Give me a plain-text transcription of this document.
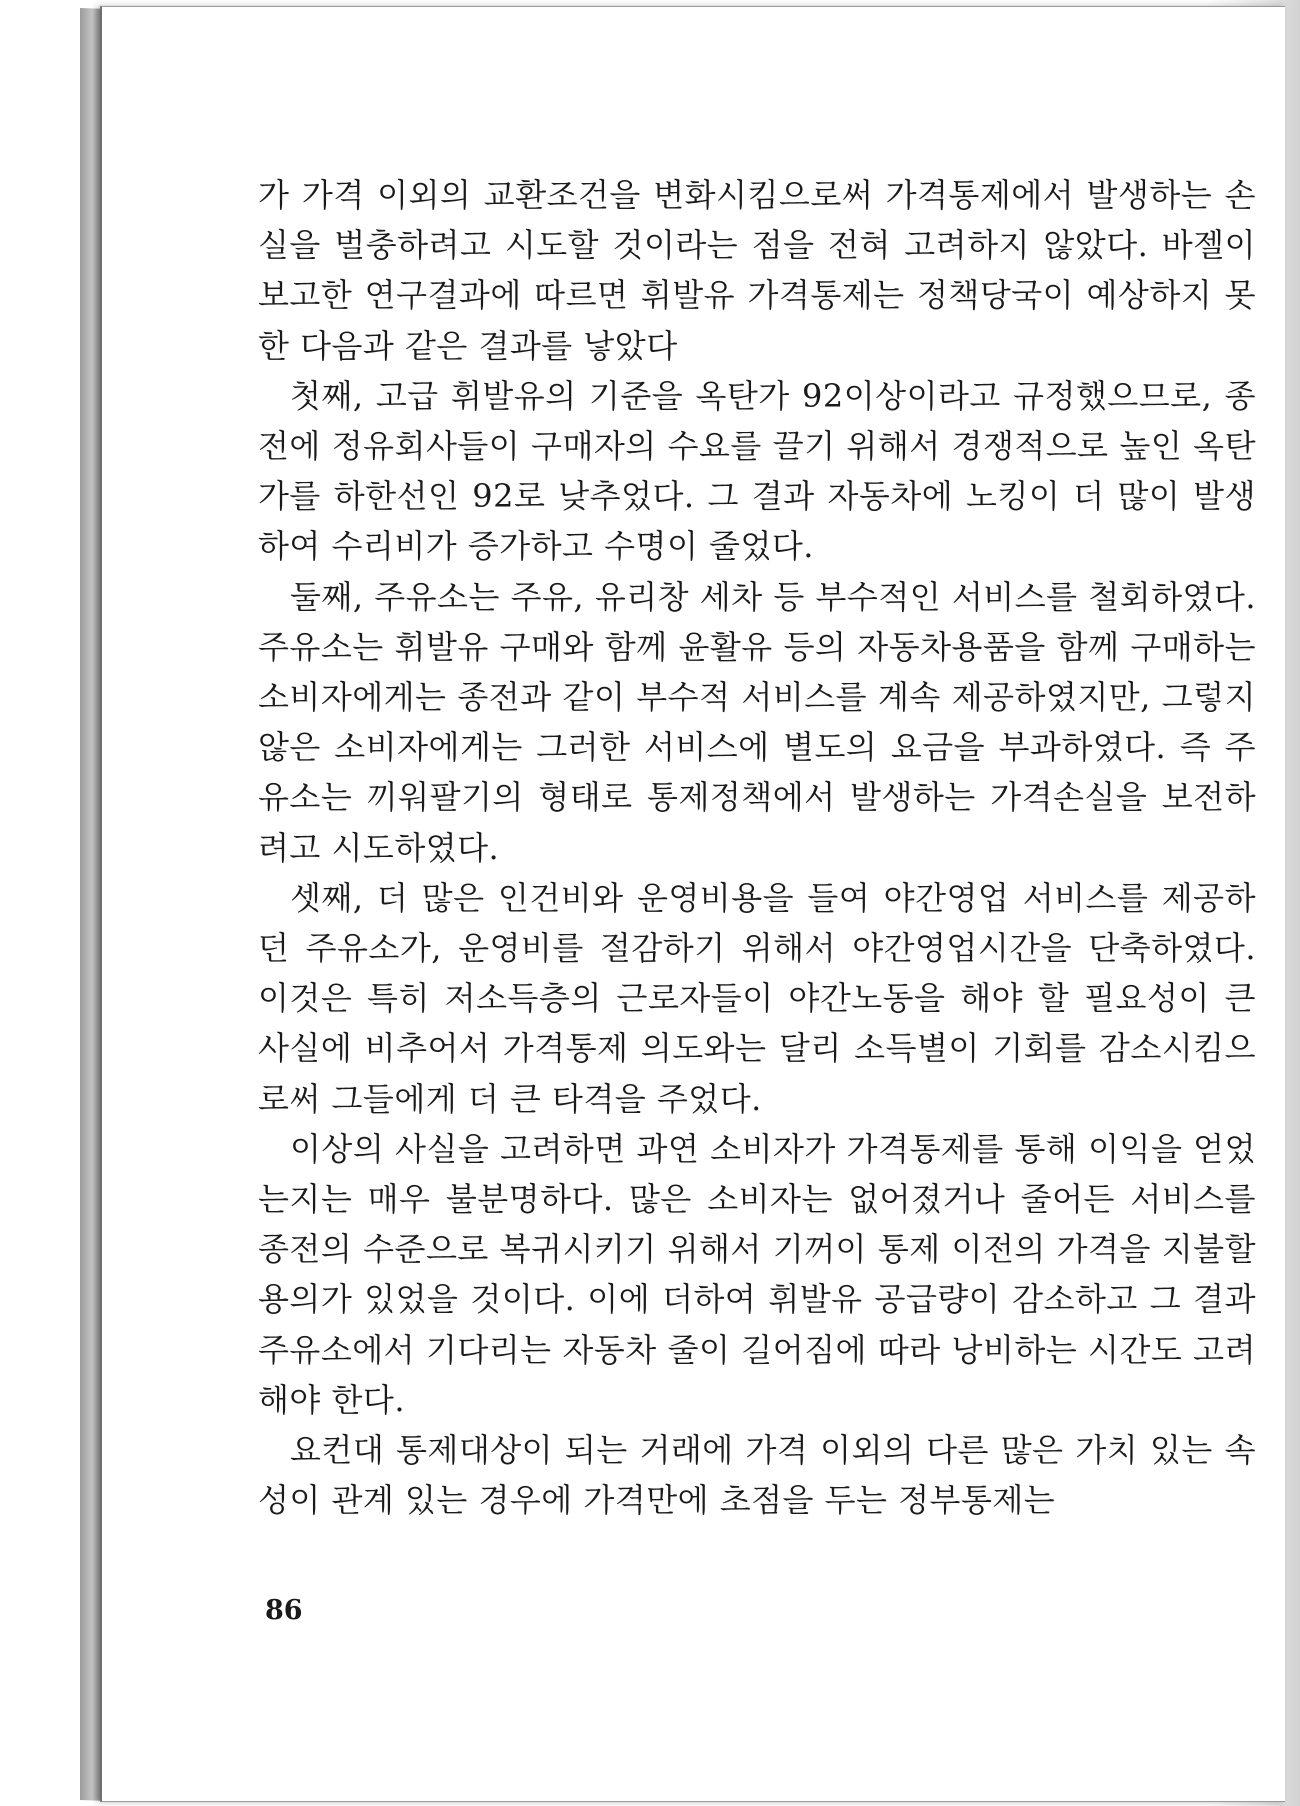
가 가격 이외의 교환조건을 변화시킴으로써 가격통제에서 발생하는 손실을 벌충하려고 시도할 것이라는 점을 전혀 고려하지 않았다. 바젤이 보고한 연구결과에 따르면 휘발유 가격통제는 정책당국이 예상하지 못한 다음과 같은 결과를 낳았다

첫째, 고급 휘발유의 기준을 옥탄가 92이상이라고 규정했으므로, 종전에 정유회사들이 구매자의 수요를 끌기 위해서 경쟁적으로 높인 옥탄가를 하한선인 92로 낮추었다. 그 결과 자동차에 노킹이 더 많이 발생하여 수리비가 증가하고 수명이 줄었다.

둘째, 주유소는 주유, 유리창 세차 등 부수적인 서비스를 철회하였다. 주유소는 휘발유 구매와 함께 윤활유 등의 자동차용품을 함께 구매하는 소비자에게는 종전과 같이 부수적 서비스를 계속 제공하였지만, 그렇지 않은 소비자에게는 그러한 서비스에 별도의 요금을 부과하였다. 즉 주유소는 끼워팔기의 형태로 통제정책에서 발생하는 가격손실을 보전하려고 시도하였다.

셋째, 더 많은 인건비와 운영비용을 들여 야간영업 서비스를 제공하던 주유소가, 운영비를 절감하기 위해서 야간영업시간을 단축하였다. 이것은 특히 저소득층의 근로자들이 야간노동을 해야 할 필요성이 큰 사실에 비추어서 가격통제 의도와는 달리 소득별이 기회를 감소시킴으로써 그들에게 더 큰 타격을 주었다.

이상의 사실을 고려하면 과연 소비자가 가격통제를 통해 이익을 얻었는지는 매우 불분명하다. 많은 소비자는 없어졌거나 줄어든 서비스를 종전의 수준으로 복귀시키기 위해서 기꺼이 통제 이전의 가격을 지불할 용의가 있었을 것이다. 이에 더하여 휘발유 공급량이 감소하고 그 결과 주유소에서 기다리는 자동차 줄이 길어짐에 따라 낭비하는 시간도 고려해야 한다.

요컨대 통제대상이 되는 거래에 가격 이외의 다른 많은 가치 있는 속성이 관계 있는 경우에 가격만에 초점을 두는 정부통제는

86
